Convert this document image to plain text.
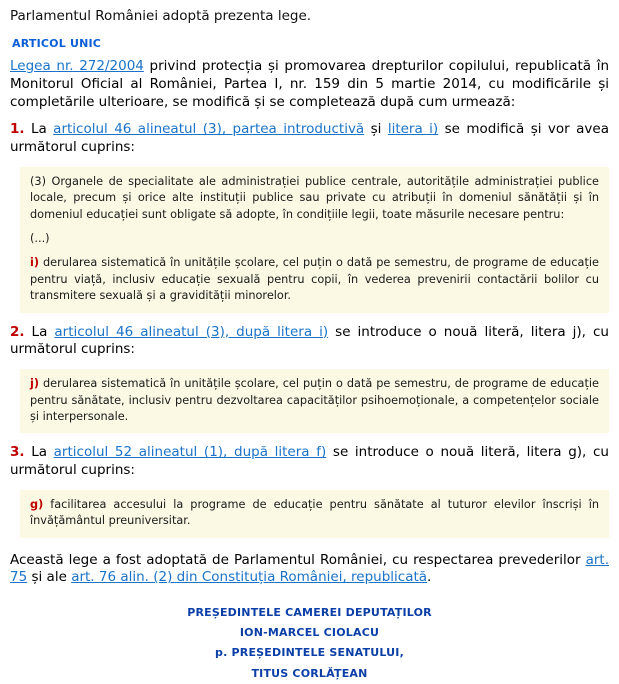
Parlamentul României adoptă prezenta lege.
ARTICOL UNIC
Legea nr. 272/2004 privind protecția și promovarea drepturilor copilului, republicată în Monitorul Oficial al României, Partea I, nr. 159 din 5 martie 2014, cu modificările și completările ulterioare, se modifică și se completează după cum urmează:
1. La articolul 46 alineatul (3), partea introductivă și litera i) se modifică și vor avea următorul cuprins:

(3) Organele de specialitate ale administrației publice centrale, autoritățile administrației publice locale, precum și orice alte instituții publice sau private cu atribuții în domeniul sănătății și în domeniul educației sunt obligate să adopte, în condițiile legii, toate măsurile necesare pentru:

(...)

i) derularea sistematică în unitățile școlare, cel puțin o dată pe semestru, de programe de educație pentru viață, inclusiv educație sexuală pentru copii, în vederea prevenirii contactării bolilor cu transmitere sexuală și a gravidității minorelor.

2. La articolul 46 alineatul (3), după litera i) se introduce o nouă literă, litera j), cu următorul cuprins:

j) derularea sistematică în unitățile școlare, cel puțin o dată pe semestru, de programe de educație pentru sănătate, inclusiv pentru dezvoltarea capacităților psihoemoționale, a competențelor sociale și interpersonale.

3. La articolul 52 alineatul (1), după litera f) se introduce o nouă literă, litera g), cu următorul cuprins:

g) facilitarea accesului la programe de educație pentru sănătate al tuturor elevilor înscriși în învățământul preuniversitar.

Această lege a fost adoptată de Parlamentul României, cu respectarea prevederilor art. 75 și ale art. 76 alin. (2) din Constituția României, republicată.
PREȘEDINTELE CAMEREI DEPUTAȚILOR
ION-MARCEL CIOLACU
p. PREȘEDINTELE SENATULUI,
TITUS CORLĂȚEAN
